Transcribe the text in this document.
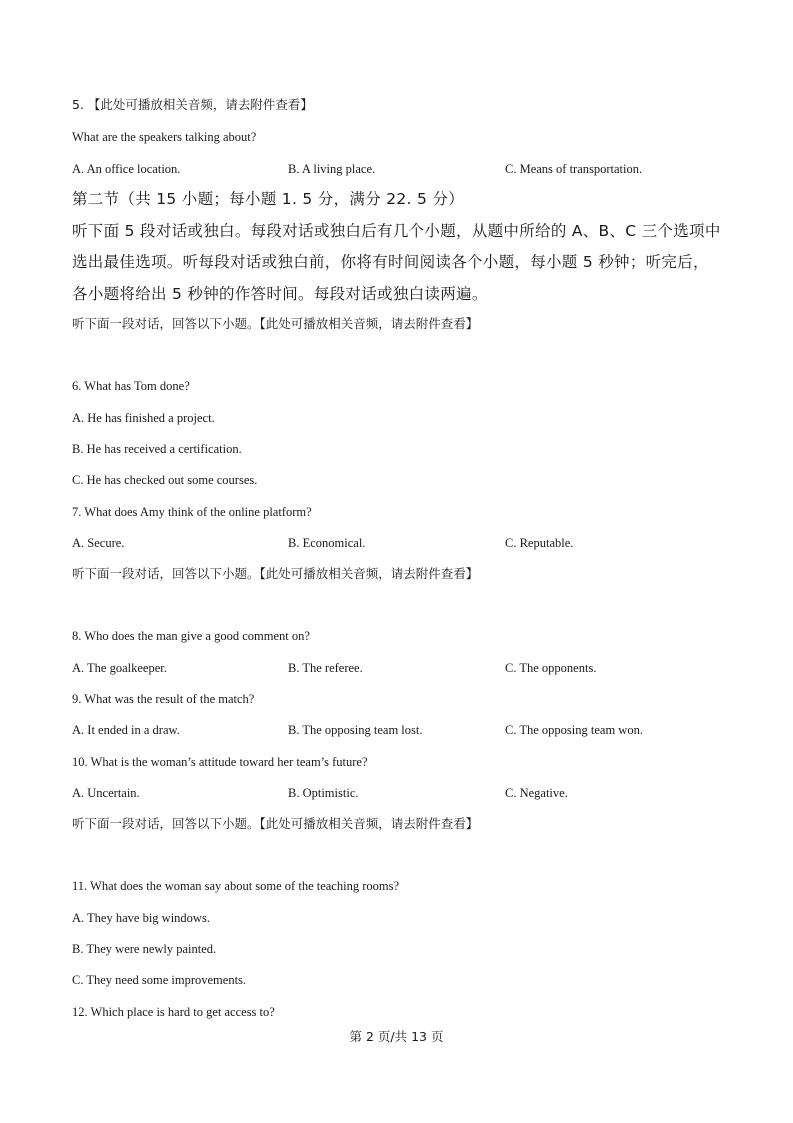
5. 【此处可播放相关音频，请去附件查看】
What are the speakers talking about?
A. An office location.	B. A living place.	C. Means of transportation.
第二节（共 15 小题；每小题 1. 5 分，满分 22. 5 分）
听下面 5 段对话或独白。每段对话或独白后有几个小题，从题中所给的 A、B、C 三个选项中
选出最佳选项。听每段对话或独白前，你将有时间阅读各个小题，每小题 5 秒钟；听完后，
各小题将给出 5 秒钟的作答时间。每段对话或独白读两遍。
听下面一段对话，回答以下小题。【此处可播放相关音频，请去附件查看】
6. What has Tom done?
A. He has finished a project.
B. He has received a certification.
C. He has checked out some courses.
7. What does Amy think of the online platform?
A. Secure.	B. Economical.	C. Reputable.
听下面一段对话，回答以下小题。【此处可播放相关音频，请去附件查看】
8. Who does the man give a good comment on?
A. The goalkeeper.	B. The referee.	C. The opponents.
9. What was the result of the match?
A. It ended in a draw.	B. The opposing team lost.	C. The opposing team won.
10. What is the woman’s attitude toward her team’s future?
A. Uncertain.	B. Optimistic.	C. Negative.
听下面一段对话，回答以下小题。【此处可播放相关音频，请去附件查看】
11. What does the woman say about some of the teaching rooms?
A. They have big windows.
B. They were newly painted.
C. They need some improvements.
12. Which place is hard to get access to?
第 2 页/共 13 页
